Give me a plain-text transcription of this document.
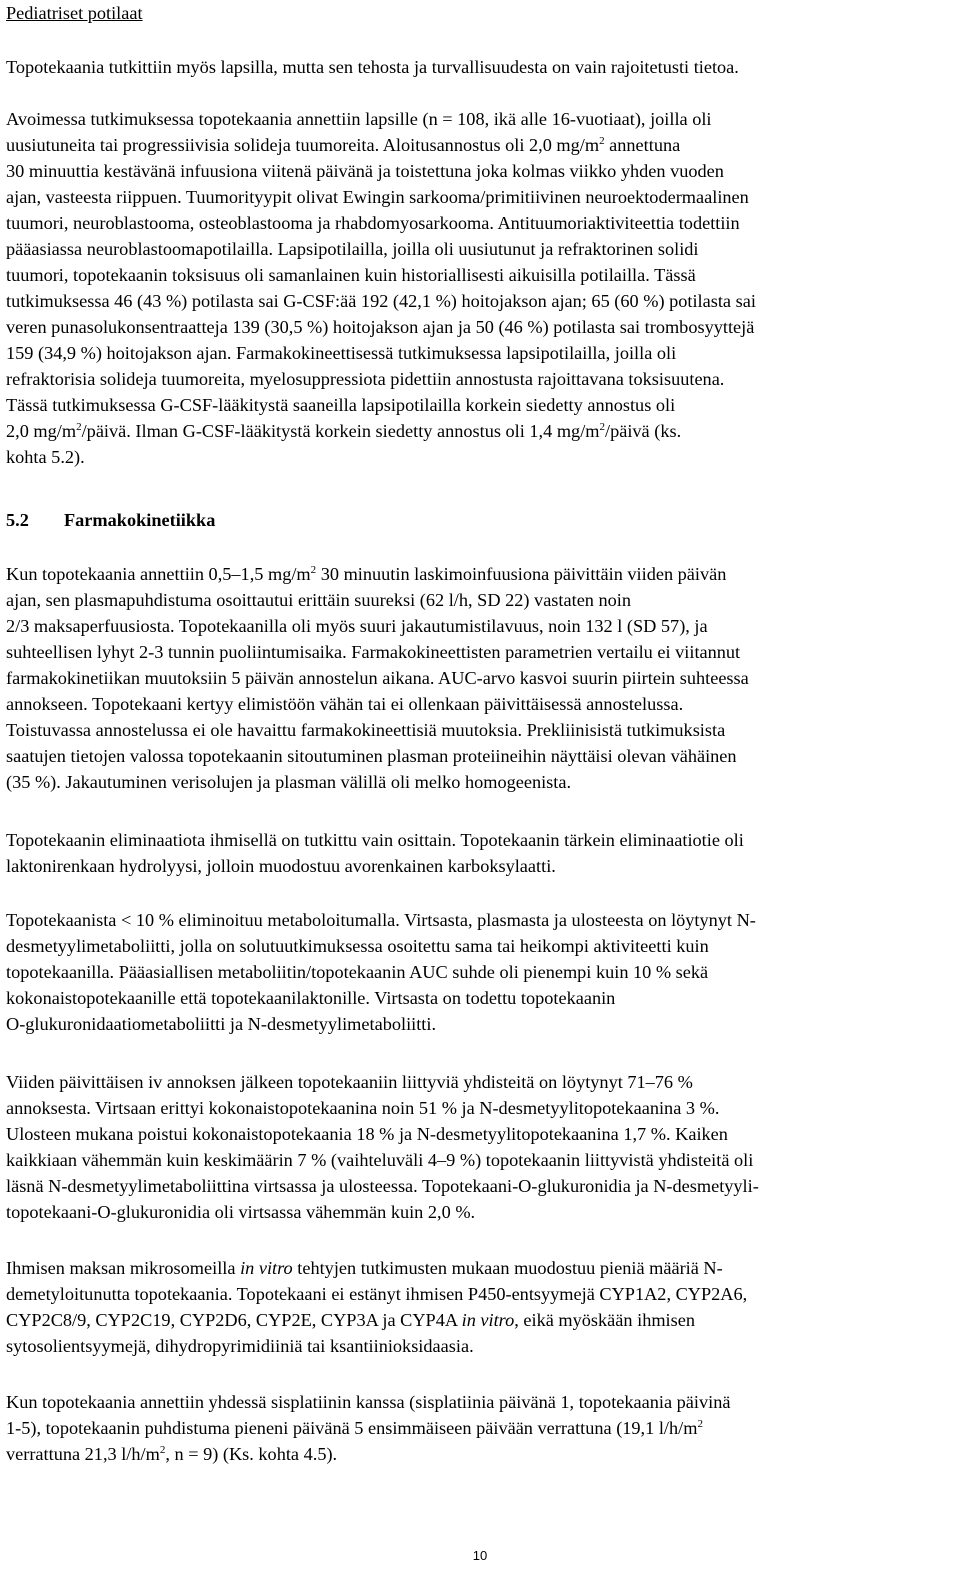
Pediatriset potilaat
Topotekaania tutkittiin myös lapsilla, mutta sen tehosta ja turvallisuudesta on vain rajoitetusti tietoa.
Avoimessa tutkimuksessa topotekaania annettiin lapsille (n = 108, ikä alle 16-vuotiaat), joilla oli
uusiutuneita tai progressiivisia solideja tuumoreita. Aloitusannostus oli 2,0 $mg/m^2$ annettuna
30 minuuttia kestävänä infuusiona viitenä päivänä ja toistettuna joka kolmas viikko yhden vuoden
ajan, vasteesta riippuen. Tuumorityypit olivat Ewingin sarkooma/primitiivinen neuroektodermaalinen
tuumori, neuroblastooma, osteoblastooma ja rhabdomyosarkooma. Antituumoriaktiviteettia todettiin
pääasiassa neuroblastoomapotilailla. Lapsipotilailla, joilla oli uusiutunut ja refraktorinen solidi
tuumori, topotekaanin toksisuus oli samanlainen kuin historiallisesti aikuisilla potilailla. Tässä
tutkimuksessa 46 (43 %) potilasta sai G-CSF:ää 192 (42,1 %) hoitojakson ajan; 65 (60 %) potilasta sai
veren punasolukonsentraatteja 139 (30,5 %) hoitojakson ajan ja 50 (46 %) potilasta sai trombosyyttejä
159 (34,9 %) hoitojakson ajan. Farmakokineettisessä tutkimuksessa lapsipotilailla, joilla oli
refraktorisia solideja tuumoreita, myelosuppressiota pidettiin annostusta rajoittavana toksisuutena.
Tässä tutkimuksessa G-CSF-lääkitystä saaneilla lapsipotilailla korkein siedetty annostus oli
2,0 $mg/m^2$/päivä. Ilman G-CSF-lääkitystä korkein siedetty annostus oli 1,4 $mg/m^2$/päivä (ks.
kohta 5.2).
5.2 Farmakokinetiikka
Kun topotekaania annettiin 0,5–1,5 $mg/m^2$ 30 minuutin laskimoinfuusiona päivittäin viiden päivän
ajan, sen plasmapuhdistuma osoittautui erittäin suureksi (62 l/h, SD 22) vastaten noin
2/3 maksaperfuusiosta. Topotekaanilla oli myös suuri jakautumistilavuus, noin 132 l (SD 57), ja
suhteellisen lyhyt 2-3 tunnin puoliintumisaika. Farmakokineettisten parametrien vertailu ei viitannut
farmakokinetiikan muutoksiin 5 päivän annostelun aikana. AUC-arvo kasvoi suurin piirtein suhteessa
annokseen. Topotekaani kertyy elimistöön vähän tai ei ollenkaan päivittäisessä annostelussa.
Toistuvassa annostelussa ei ole havaittu farmakokineettisiä muutoksia. Prekliinisistä tutkimuksista
saatujen tietojen valossa topotekaanin sitoutuminen plasman proteiineihin näyttäisi olevan vähäinen
(35 %). Jakautuminen verisolujen ja plasman välillä oli melko homogeenista.
Topotekaanin eliminaatiota ihmisellä on tutkittu vain osittain. Topotekaanin tärkein eliminaatiotie oli
laktonirenkaan hydrolyysi, jolloin muodostuu avorenkainen karboksylaatti.
Topotekaanista < 10 % eliminoituu metaboloitumalla. Virtsasta, plasmasta ja ulosteesta on löytynyt N-
desmetyylimetaboliitti, jolla on solutuutkimuksessa osoitettu sama tai heikompi aktiviteetti kuin
topotekaanilla. Pääasiallisen metaboliitin/topotekaanin AUC suhde oli pienempi kuin 10 % sekä
kokonaistopotekaanille että topotekaanilaktonille. Virtsasta on todettu topotekaanin
O-glukuronidaatiometaboliitti ja N-desmetyylimetaboliitti.
Viiden päivittäisen iv annoksen jälkeen topotekaaniin liittyviä yhdisteitä on löytynyt 71–76 %
annoksesta. Virtsaan erittyi kokonaistopotekaanina noin 51 % ja N-desmetyylitopotekaanina 3 %.
Ulosteen mukana poistui kokonaistopotekaania 18 % ja N-desmetyylitopotekaanina 1,7 %. Kaiken
kaikkiaan vähemmän kuin keskimäärin 7 % (vaihteluväli 4–9 %) topotekaanin liittyvistä yhdisteitä oli
läsnä N-desmetyylimetaboliittina virtsassa ja ulosteessa. Topotekaani-O-glukuronidia ja N-desmetyyli-
topotekaani-O-glukuronidia oli virtsassa vähemmän kuin 2,0 %.
Ihmisen maksan mikrosomeilla in vitro tehtyjen tutkimusten mukaan muodostuu pieniä määriä N-
demetyloitunutta topotekaania. Topotekaani ei estänyt ihmisen P450-entsyymejä CYP1A2, CYP2A6,
CYP2C8/9, CYP2C19, CYP2D6, CYP2E, CYP3A ja CYP4A in vitro, eikä myöskään ihmisen
sytosolientsyymejä, dihydropyrimidiiniä tai ksantiinioksidaasia.
Kun topotekaania annettiin yhdessä sisplatiinin kanssa (sisplatiinia päivänä 1, topotekaania päivinä
1-5), topotekaanin puhdistuma pieneni päivänä 5 ensimmäiseen päivään verrattuna (19,1 $l/h/m^2$
verrattuna 21,3 $l/h/m^2$, n = 9) (Ks. kohta 4.5).
10
